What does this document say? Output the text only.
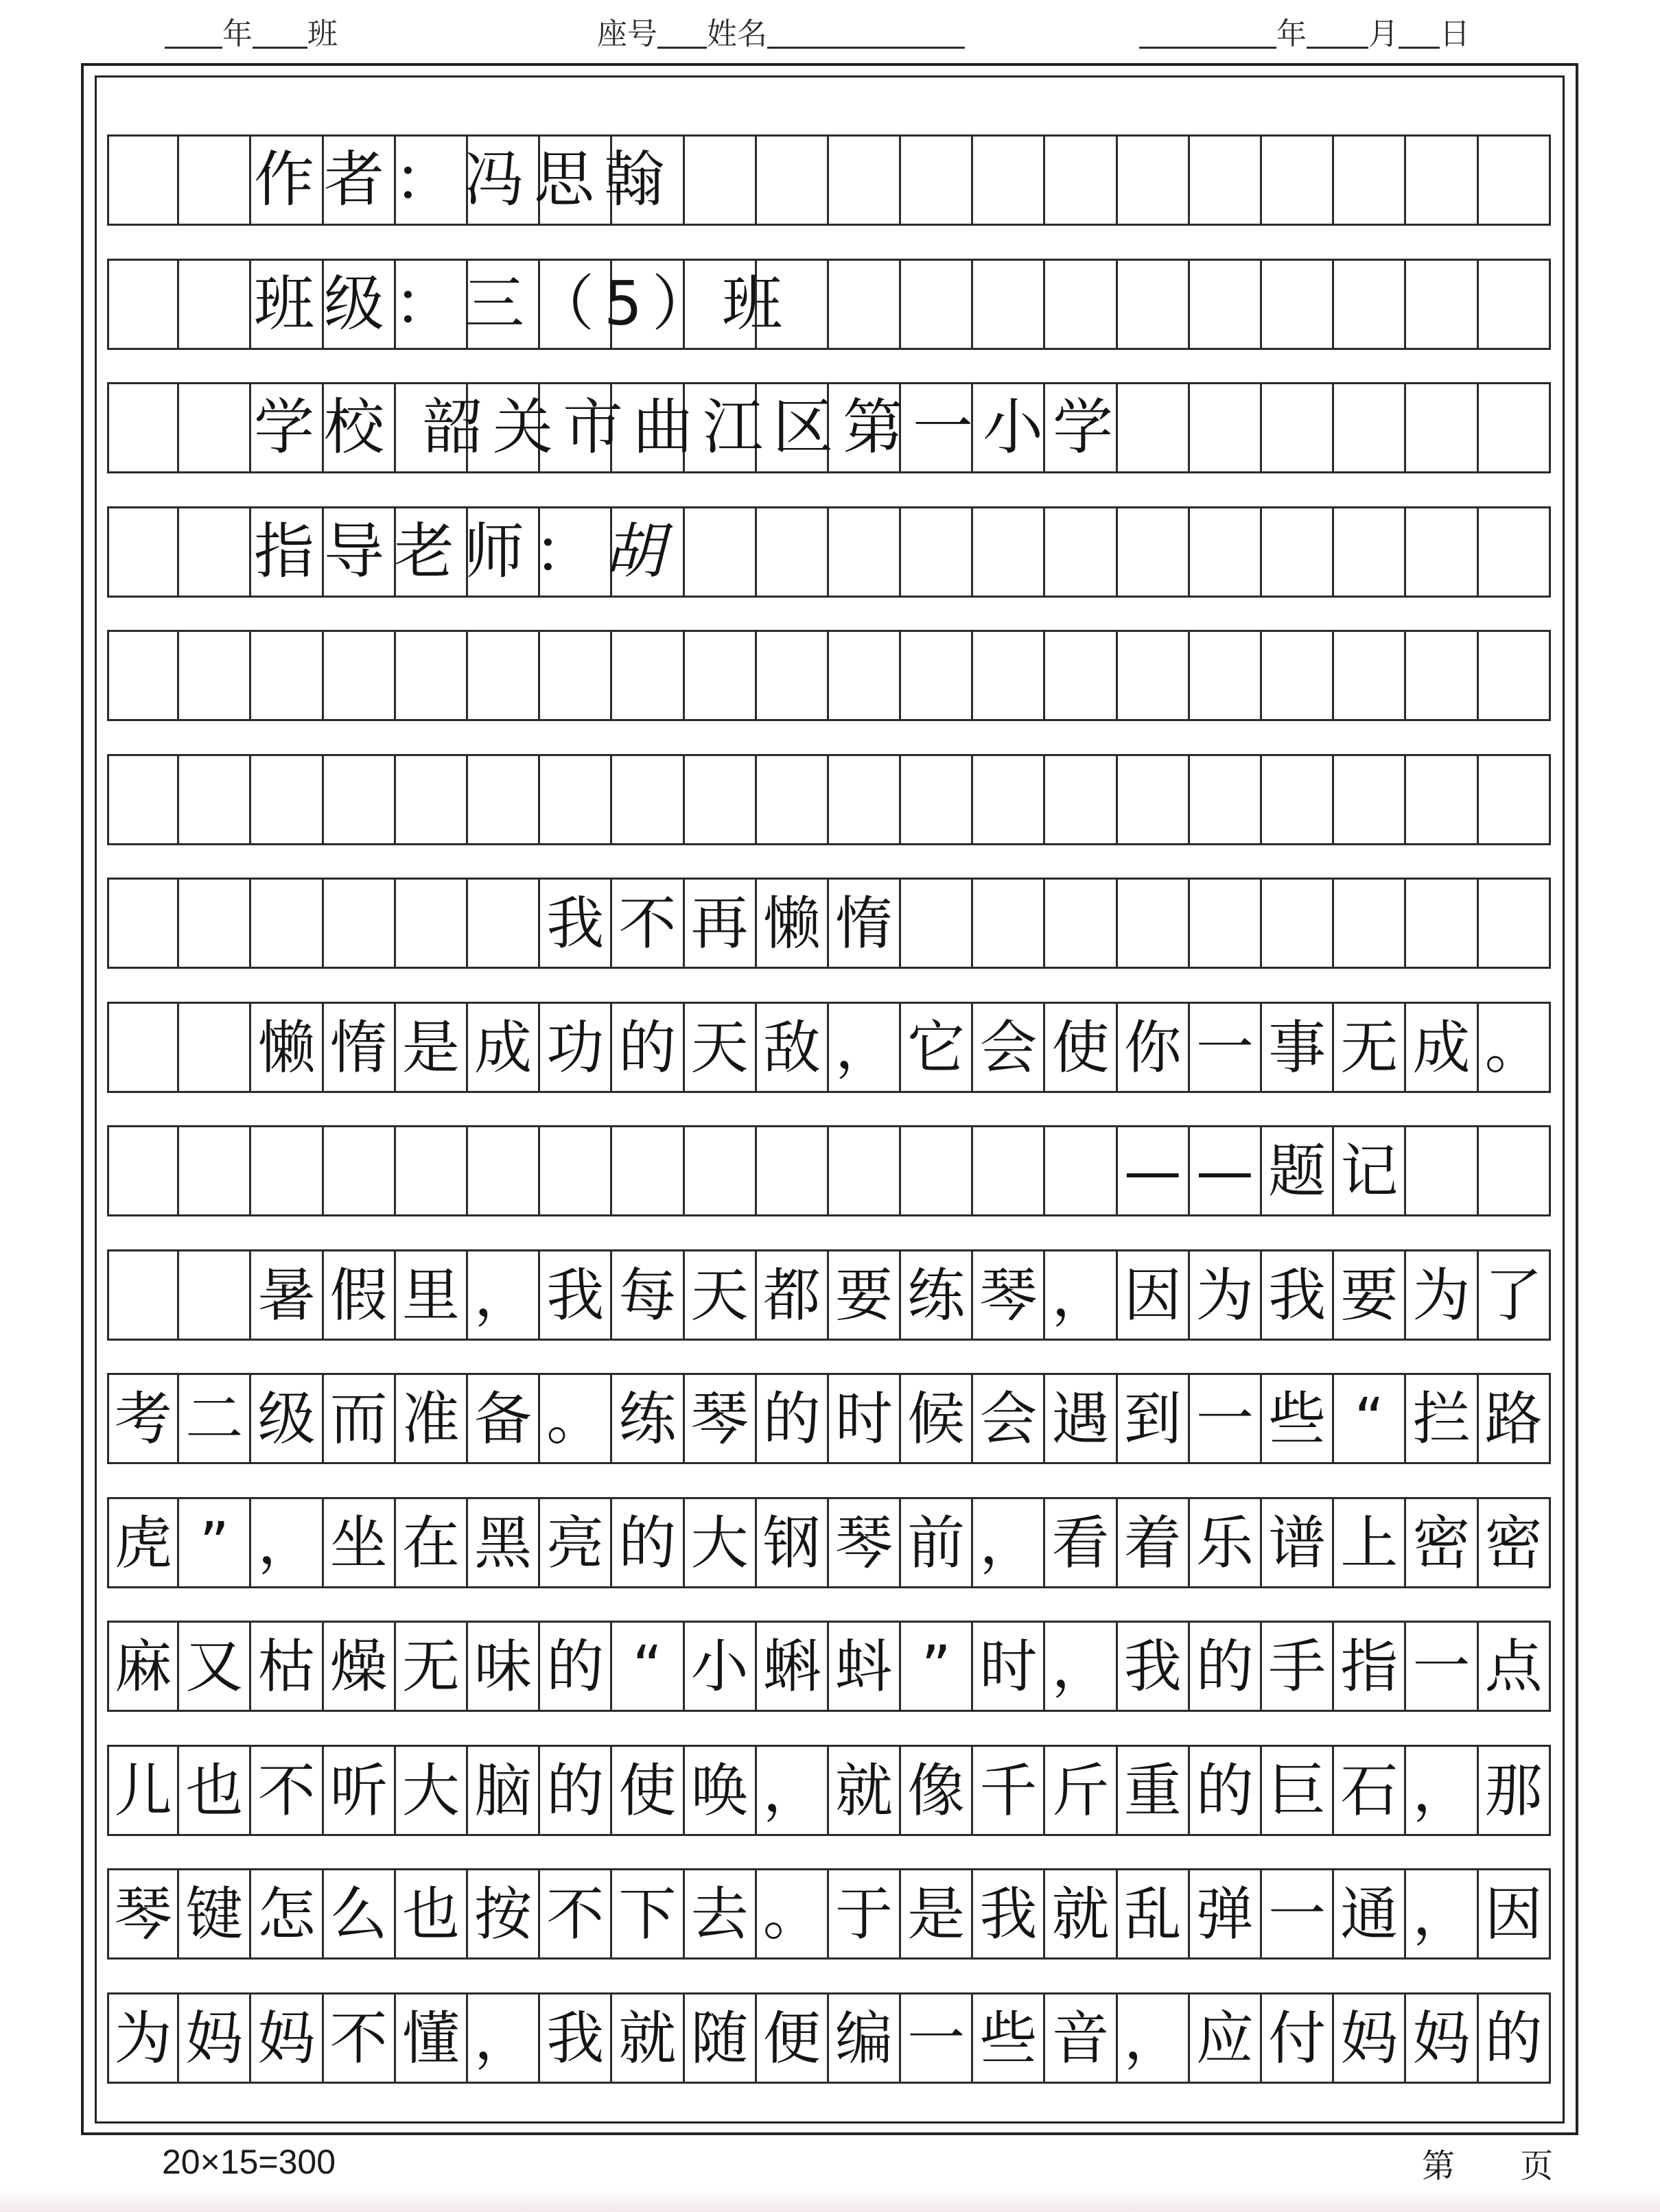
年 班	座号 姓名	年 月 日
我 不 再 懒 惰
懒 惰 是 成 功 的 天 敌 ， 它 会 使 你 一 事 无 成 。
— — 题 记
暑 假 里 ， 我 每 天 都 要 练 琴 ， 因 为 我 要 为 了
考 二 级 而 准 备 。 练 琴 的 时 候 会 遇 到 一 些 “ 拦 路
虎 ” ， 坐 在 黑 亮 的 大 钢 琴 前 ， 看 着 乐 谱 上 密 密
麻 又 枯 燥 无 味 的 “ 小 蝌 蚪 ” 时 ， 我 的 手 指 一 点
儿 也 不 听 大 脑 的 使 唤 ， 就 像 千 斤 重 的 巨 石 ， 那
琴 键 怎 么 也 按 不 下 去 。 于 是 我 就 乱 弹 一 通 ， 因
为 妈 妈 不 懂 ， 我 就 随 便 编 一 些 音 ， 应 付 妈 妈 的
作者：冯思翰
班级：三（5）班
学校 韶关市曲江区第一小学
指导老师：胡
20×15=300	第 页
